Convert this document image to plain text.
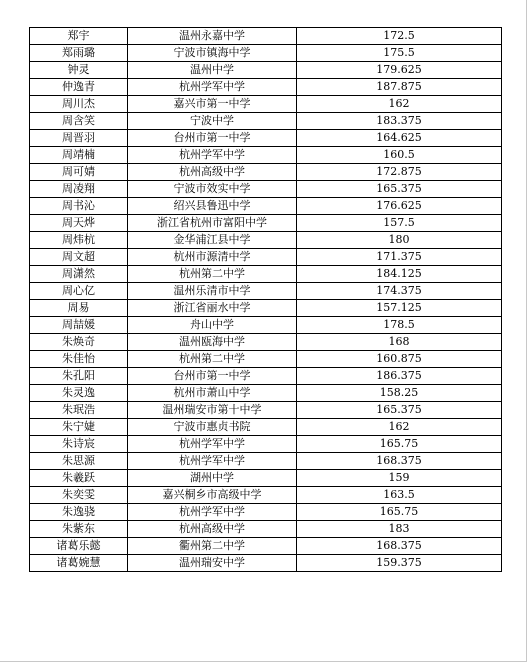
郑宇	温州永嘉中学	172.5
郑雨璐	宁波市镇海中学	175.5
钟灵	温州中学	179.625
仲逸青	杭州学军中学	187.875
周川杰	嘉兴市第一中学	162
周含笑	宁波中学	183.375
周晋羽	台州市第一中学	164.625
周靖楠	杭州学军中学	160.5
周可婧	杭州高级中学	172.875
周凌翔	宁波市效实中学	165.375
周书沁	绍兴县鲁迅中学	176.625
周天烨	浙江省杭州市富阳中学	157.5
周炜杭	金华浦江县中学	180
周文超	杭州市源清中学	171.375
周潇然	杭州第二中学	184.125
周心亿	温州乐清市中学	174.375
周易	浙江省丽水中学	157.125
周喆媛	舟山中学	178.5
朱焕奇	温州瓯海中学	168
朱佳怡	杭州第二中学	160.875
朱孔阳	台州市第一中学	186.375
朱灵逸	杭州市萧山中学	158.25
朱珉浩	温州瑞安市第十中学	165.375
朱宁婕	宁波市惠贞书院	162
朱诗宸	杭州学军中学	165.75
朱思源	杭州学军中学	168.375
朱羲跃	湖州中学	159
朱奕雯	嘉兴桐乡市高级中学	163.5
朱逸骁	杭州学军中学	165.75
朱紫东	杭州高级中学	183
诸葛乐懿	衢州第二中学	168.375
诸葛婉慧	温州瑞安中学	159.375
